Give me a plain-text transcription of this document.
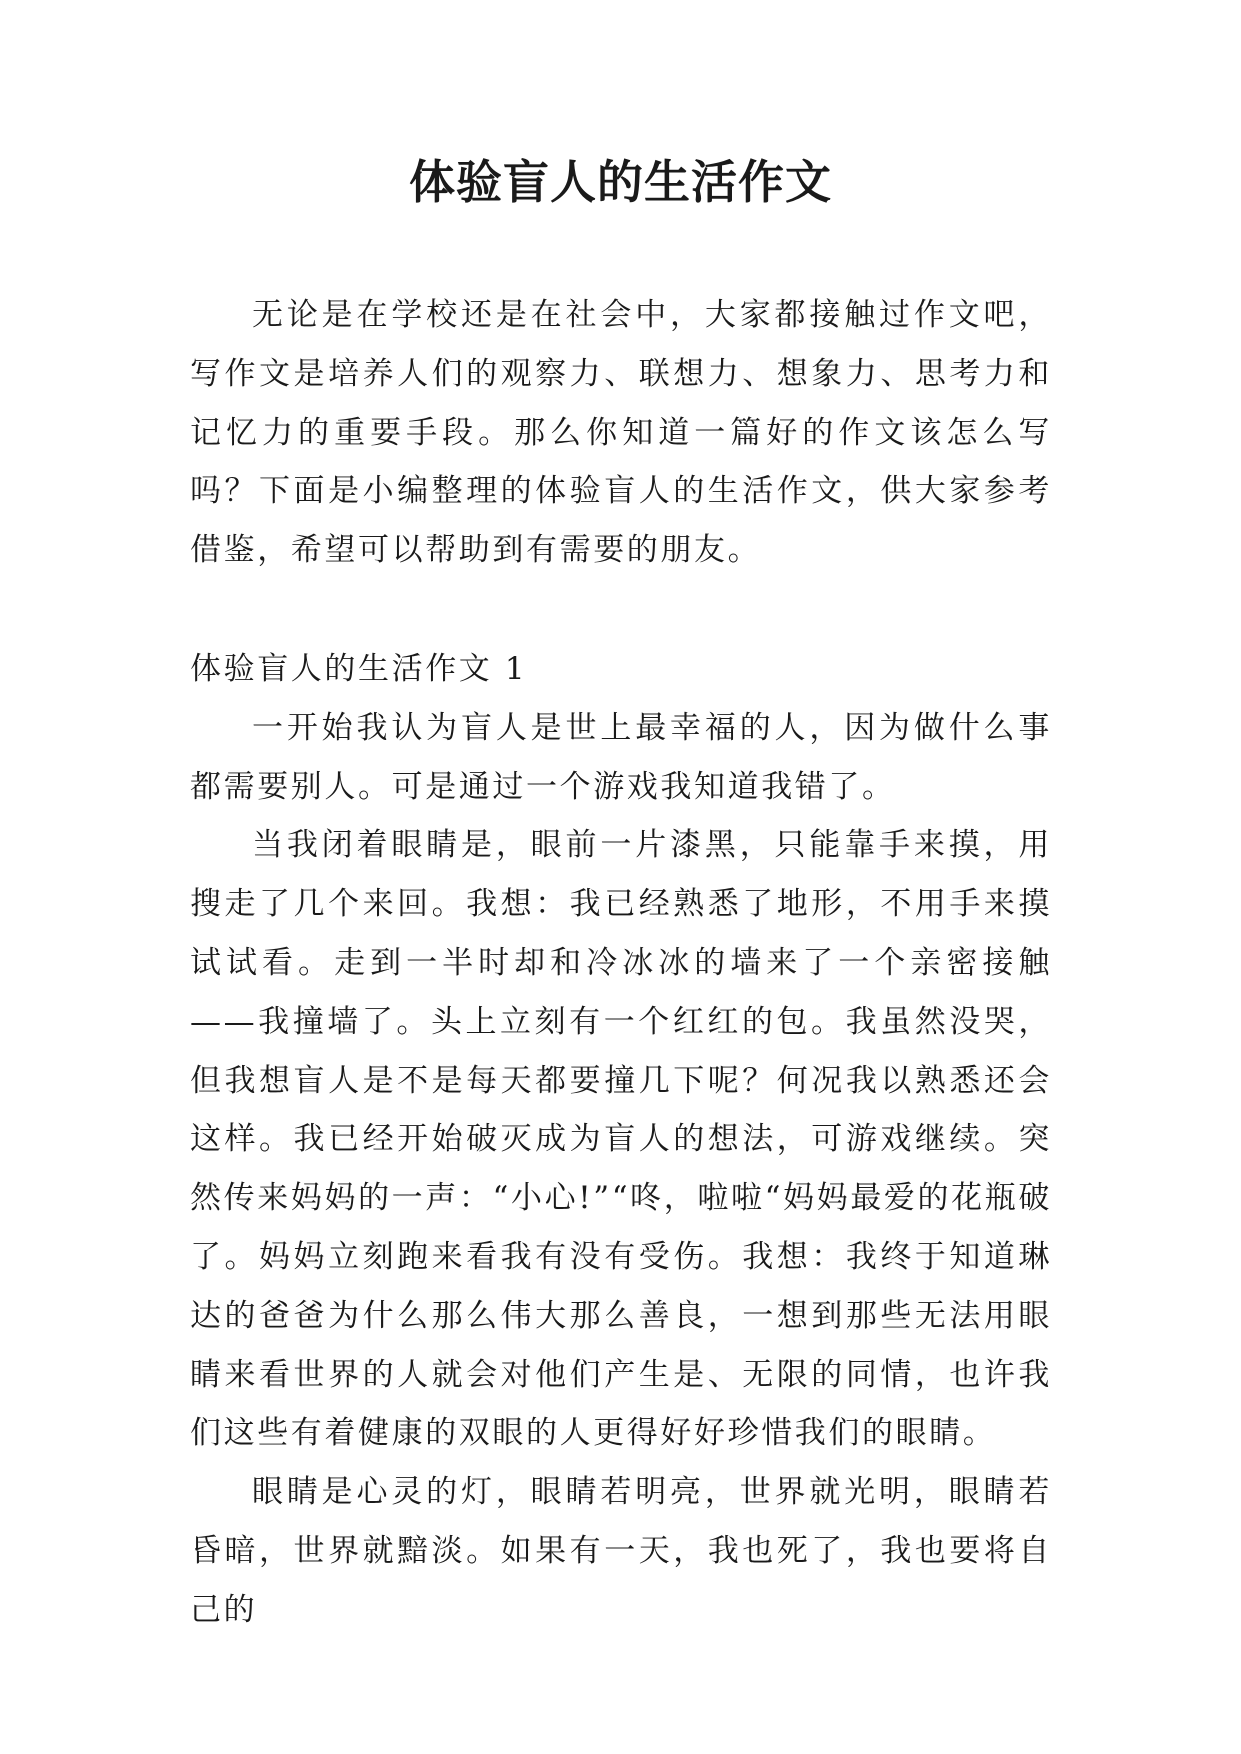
体验盲人的生活作文

无论是在学校还是在社会中，大家都接触过作文吧，写作文是培养人们的观察力、联想力、想象力、思考力和记忆力的重要手段。那么你知道一篇好的作文该怎么写吗？下面是小编整理的体验盲人的生活作文，供大家参考借鉴，希望可以帮助到有需要的朋友。

体验盲人的生活作文 1

一开始我认为盲人是世上最幸福的人，因为做什么事都需要别人。可是通过一个游戏我知道我错了。

当我闭着眼睛是，眼前一片漆黑，只能靠手来摸，用搜走了几个来回。我想：我已经熟悉了地形，不用手来摸试试看。走到一半时却和冷冰冰的墙来了一个亲密接触——我撞墙了。头上立刻有一个红红的包。我虽然没哭，但我想盲人是不是每天都要撞几下呢？何况我以熟悉还会这样。我已经开始破灭成为盲人的想法，可游戏继续。突然传来妈妈的一声：“小心!”“咚，啦啦“妈妈最爱的花瓶破了。妈妈立刻跑来看我有没有受伤。我想：我终于知道琳达的爸爸为什么那么伟大那么善良，一想到那些无法用眼睛来看世界的人就会对他们产生是、无限的同情，也许我们这些有着健康的双眼的人更得好好珍惜我们的眼睛。

眼睛是心灵的灯，眼睛若明亮，世界就光明，眼睛若昏暗，世界就黯淡。如果有一天，我也死了，我也要将自己的
